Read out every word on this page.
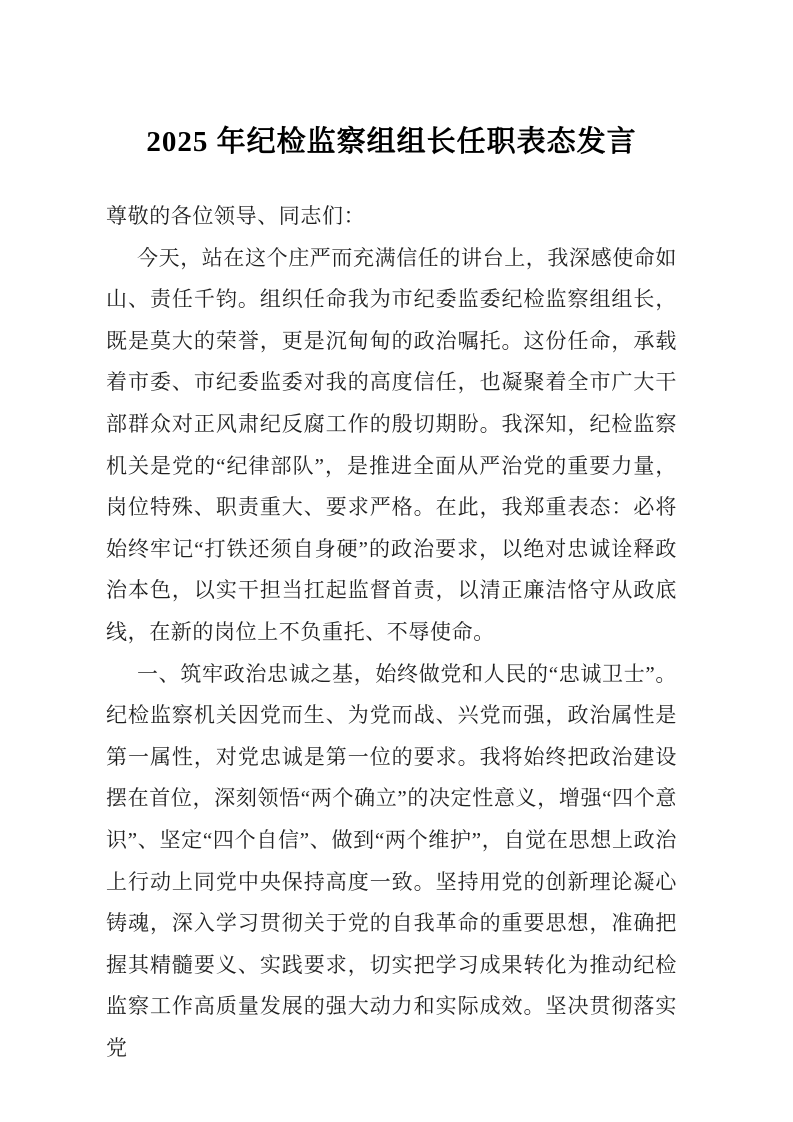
2025 年纪检监察组组长任职表态发言

尊敬的各位领导、同志们：

今天，站在这个庄严而充满信任的讲台上，我深感使命如山、责任千钧。组织任命我为市纪委监委纪检监察组组长，既是莫大的荣誉，更是沉甸甸的政治嘱托。这份任命，承载着市委、市纪委监委对我的高度信任，也凝聚着全市广大干部群众对正风肃纪反腐工作的殷切期盼。我深知，纪检监察机关是党的“纪律部队”，是推进全面从严治党的重要力量，岗位特殊、职责重大、要求严格。在此，我郑重表态：必将始终牢记“打铁还须自身硬”的政治要求，以绝对忠诚诠释政治本色，以实干担当扛起监督首责，以清正廉洁恪守从政底线，在新的岗位上不负重托、不辱使命。

一、筑牢政治忠诚之基，始终做党和人民的“忠诚卫士”。纪检监察机关因党而生、为党而战、兴党而强，政治属性是第一属性，对党忠诚是第一位的要求。我将始终把政治建设摆在首位，深刻领悟“两个确立”的决定性意义，增强“四个意识”、坚定“四个自信”、做到“两个维护”，自觉在思想上政治上行动上同党中央保持高度一致。坚持用党的创新理论凝心铸魂，深入学习贯彻关于党的自我革命的重要思想，准确把握其精髓要义、实践要求，切实把学习成果转化为推动纪检监察工作高质量发展的强大动力和实际成效。坚决贯彻落实党
